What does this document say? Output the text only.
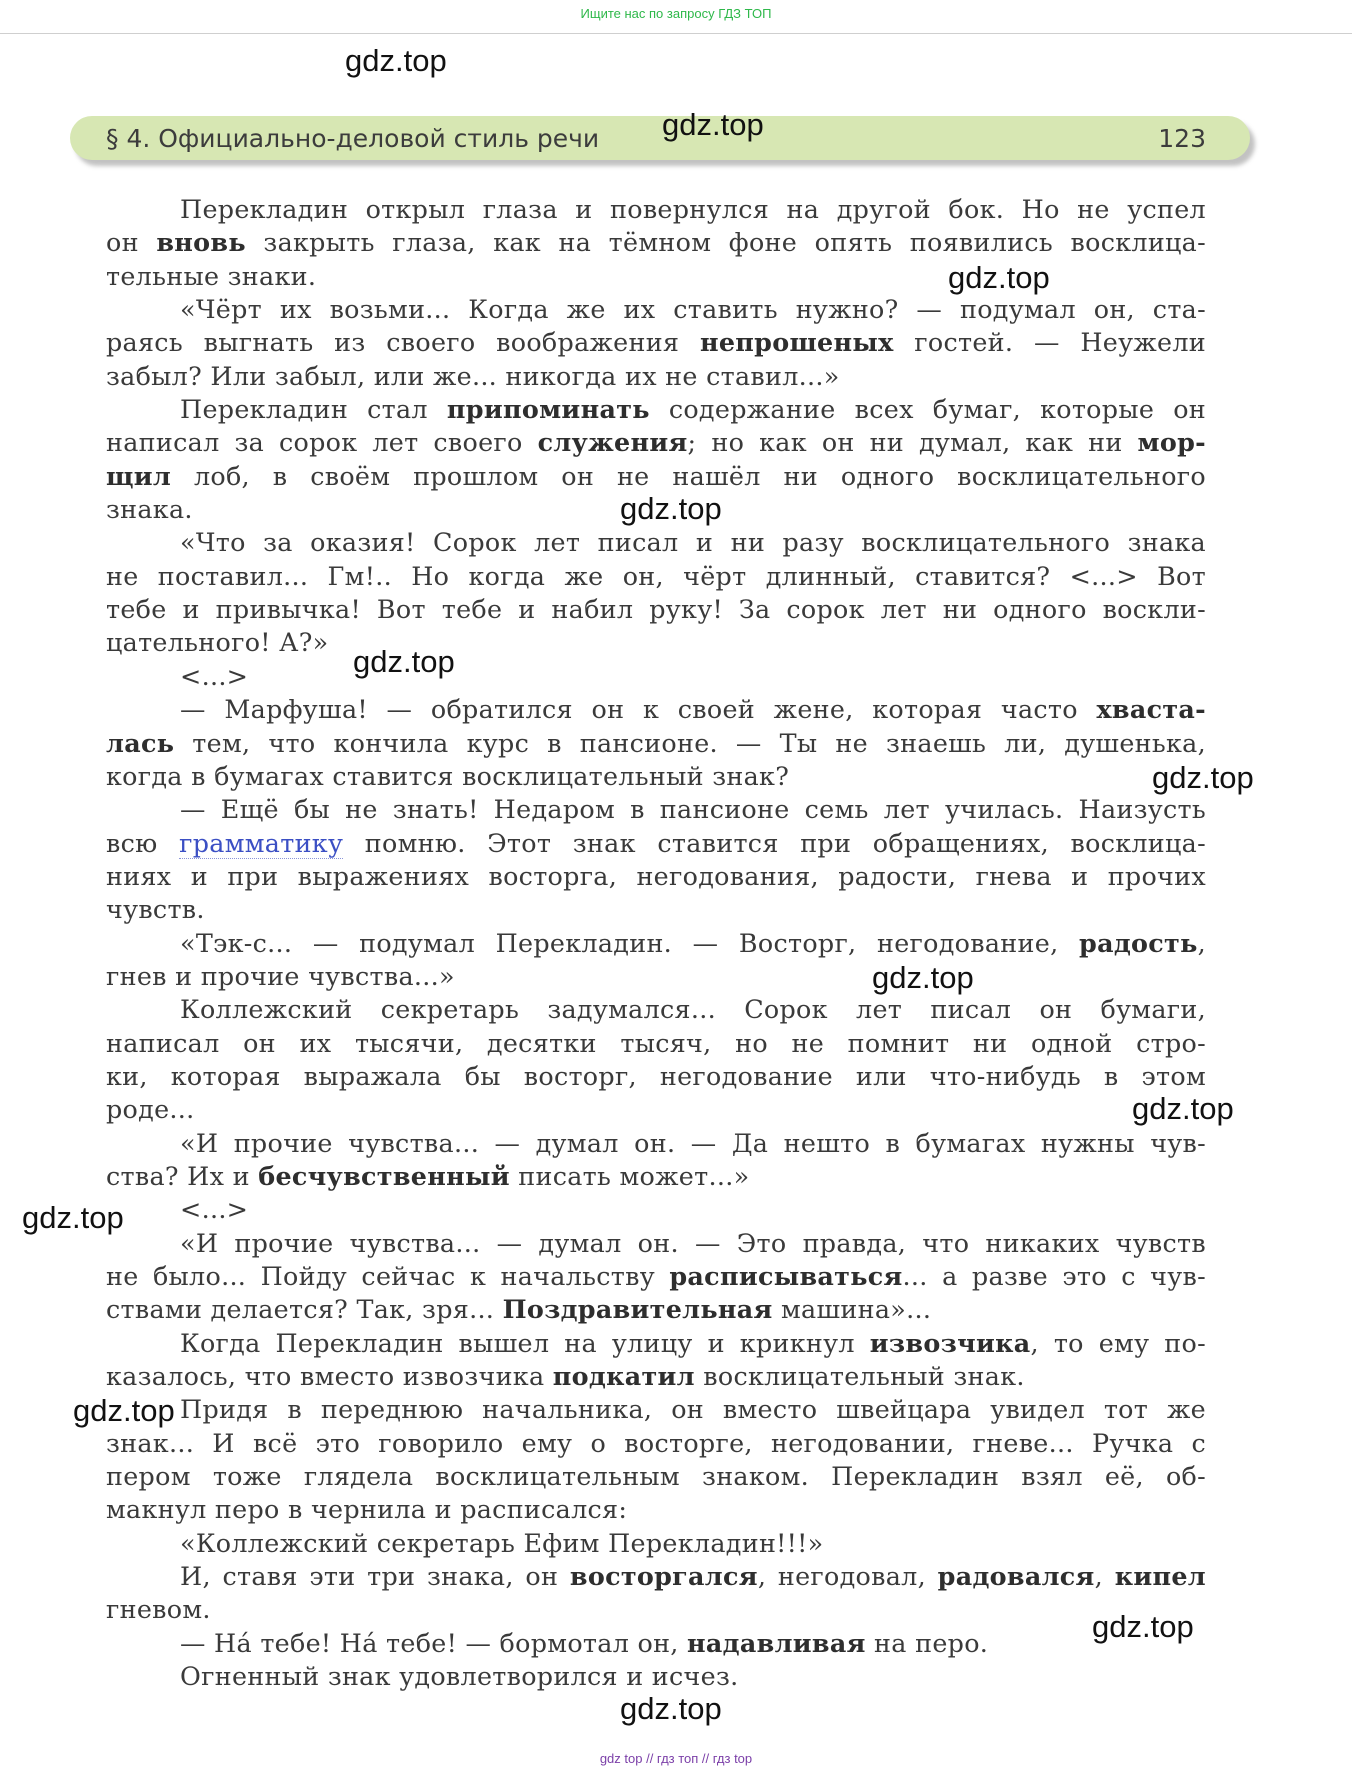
Ищите нас по запросу ГДЗ ТОП
gdz.top
§ 4. Официально-деловой стиль речи	123
gdz.top
Перекладин открыл глаза и повернулся на другой бок. Но не успел
он вновь закрыть глаза, как на тёмном фоне опять появились восклица-
тельные знаки.
«Чёрт их возьми... Когда же их ставить нужно? — подумал он, ста-
раясь выгнать из своего воображения непрошеных гостей. — Неужели
забыл? Или забыл, или же... никогда их не ставил...»
Перекладин стал припоминать содержание всех бумаг, которые он
написал за сорок лет своего служения; но как он ни думал, как ни мор-
щил лоб, в своём прошлом он не нашёл ни одного восклицательного
знака.
«Что за оказия! Сорок лет писал и ни разу восклицательного знака
не поставил... Гм!.. Но когда же он, чёрт длинный, ставится? <...> Вот
тебе и привычка! Вот тебе и набил руку! За сорок лет ни одного воскли-
цательного! А?»
<...>
— Марфуша! — обратился он к своей жене, которая часто хваста-
лась тем, что кончила курс в пансионе. — Ты не знаешь ли, душенька,
когда в бумагах ставится восклицательный знак?
— Ещё бы не знать! Недаром в пансионе семь лет училась. Наизусть
всю грамматику помню. Этот знак ставится при обращениях, восклица-
ниях и при выражениях восторга, негодования, радости, гнева и прочих
чувств.
«Тэк-с... — подумал Перекладин. — Восторг, негодование, радость,
гнев и прочие чувства...»
Коллежский секретарь задумался... Сорок лет писал он бумаги,
написал он их тысячи, десятки тысяч, но не помнит ни одной стро-
ки, которая выражала бы восторг, негодование или что-нибудь в этом
роде...
«И прочие чувства... — думал он. — Да нешто в бумагах нужны чув-
ства? Их и бесчувственный писать может...»
<...>
«И прочие чувства... — думал он. — Это правда, что никаких чувств
не было... Пойду сейчас к начальству расписываться... а разве это с чув-
ствами делается? Так, зря... Поздравительная машина»...
Когда Перекладин вышел на улицу и крикнул извозчика, то ему по-
казалось, что вместо извозчика подкатил восклицательный знак.
Придя в переднюю начальника, он вместо швейцара увидел тот же
знак... И всё это говорило ему о восторге, негодовании, гневе... Ручка с
пером тоже глядела восклицательным знаком. Перекладин взял её, об-
макнул перо в чернила и расписался:
«Коллежский секретарь Ефим Перекладин!!!»
И, ставя эти три знака, он восторгался, негодовал, радовался, кипел
гневом.
— На́ тебе! На́ тебе! — бормотал он, надавливая на перо.
Огненный знак удовлетворился и исчез.
gdz.top
gdz.top
gdz.top
gdz.top
gdz.top
gdz.top
gdz.top
gdz.top
gdz.top
gdz.top
gdz top // гдз топ // гдз top
